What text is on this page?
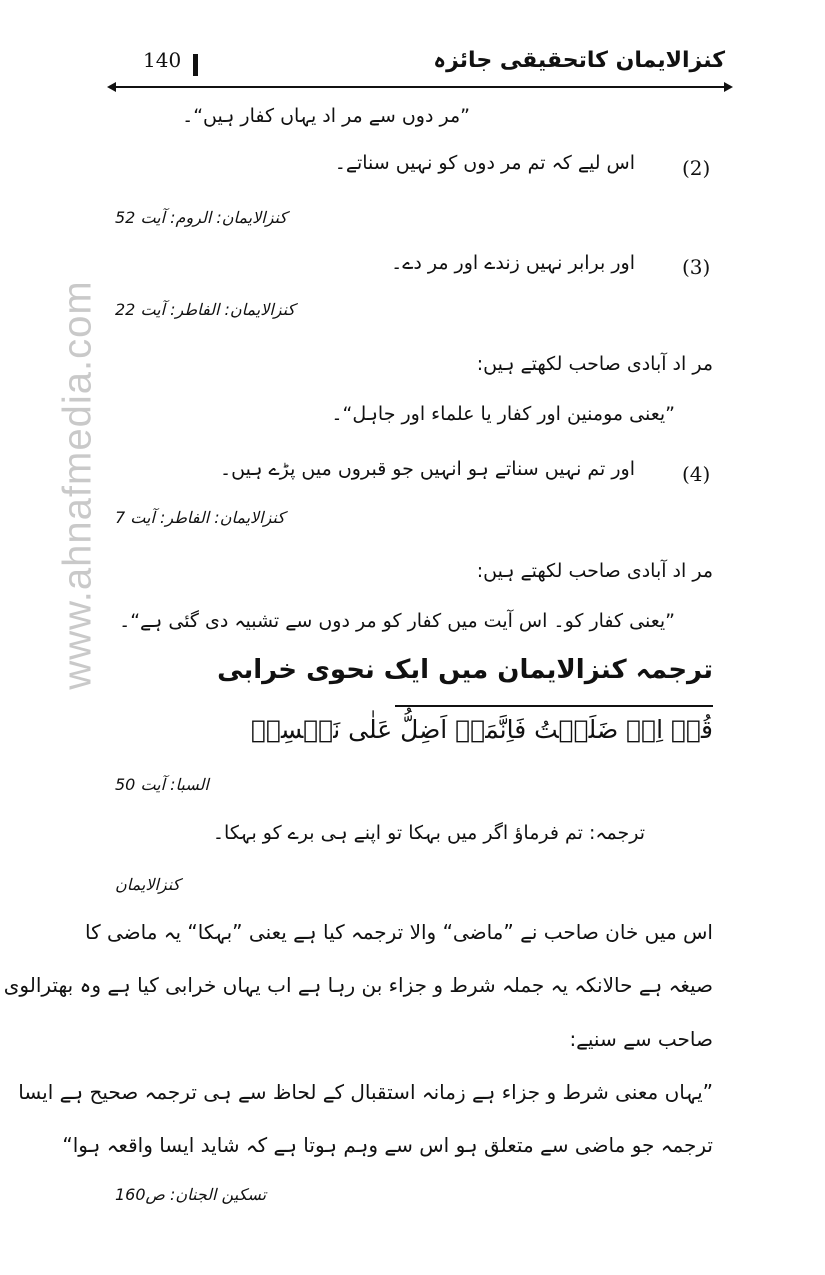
www.ahnafmedia.com
140	کنزالایمان کاتحقیقی جائزہ
”مر دوں سے مر اد یہاں کفار ہیں“۔
(2)
اس لیے کہ تم مر دوں کو نہیں سناتے۔
کنزالایمان: الروم: آیت 52
(3)
اور برابر نہیں زندے اور مر دے۔
کنزالایمان: الفاطر: آیت 22
مر اد آبادی صاحب لکھتے ہیں:
”یعنی مومنین اور کفار یا علماء اور جاہل“۔
(4)
اور تم نہیں سناتے ہو انہیں جو قبروں میں پڑے ہیں۔
کنزالایمان: الفاطر: آیت 7
مر اد آبادی صاحب لکھتے ہیں:
”یعنی کفار کو۔ اس آیت میں کفار کو مر دوں سے تشبیہ دی گئی ہے“۔
ترجمہ کنزالایمان میں ایک نحوی خرابی
قُلۡ اِنۡ ضَلَلۡتُ فَاِنَّمَاۤ اَضِلُّ عَلٰی نَفۡسِیۡ
السبا: آیت 50
ترجمہ: تم فرماؤ اگر میں بہکا تو اپنے ہی برے کو بہکا۔
کنزالایمان
اس میں خان صاحب نے ”ماضی“ والا ترجمہ کیا ہے یعنی ”بہکا“ یہ ماضی کا
صیغہ ہے حالانکہ یہ جملہ شرط و جزاء بن رہا ہے اب یہاں خرابی کیا ہے وہ بھترالوی
صاحب سے سنیے:
”یہاں معنی شرط و جزاء ہے زمانہ استقبال کے لحاظ سے ہی ترجمہ صحیح ہے ایسا
ترجمہ جو ماضی سے متعلق ہو اس سے وہم ہوتا ہے کہ شاید ایسا واقعہ ہوا“
تسکین الجنان: ص160
